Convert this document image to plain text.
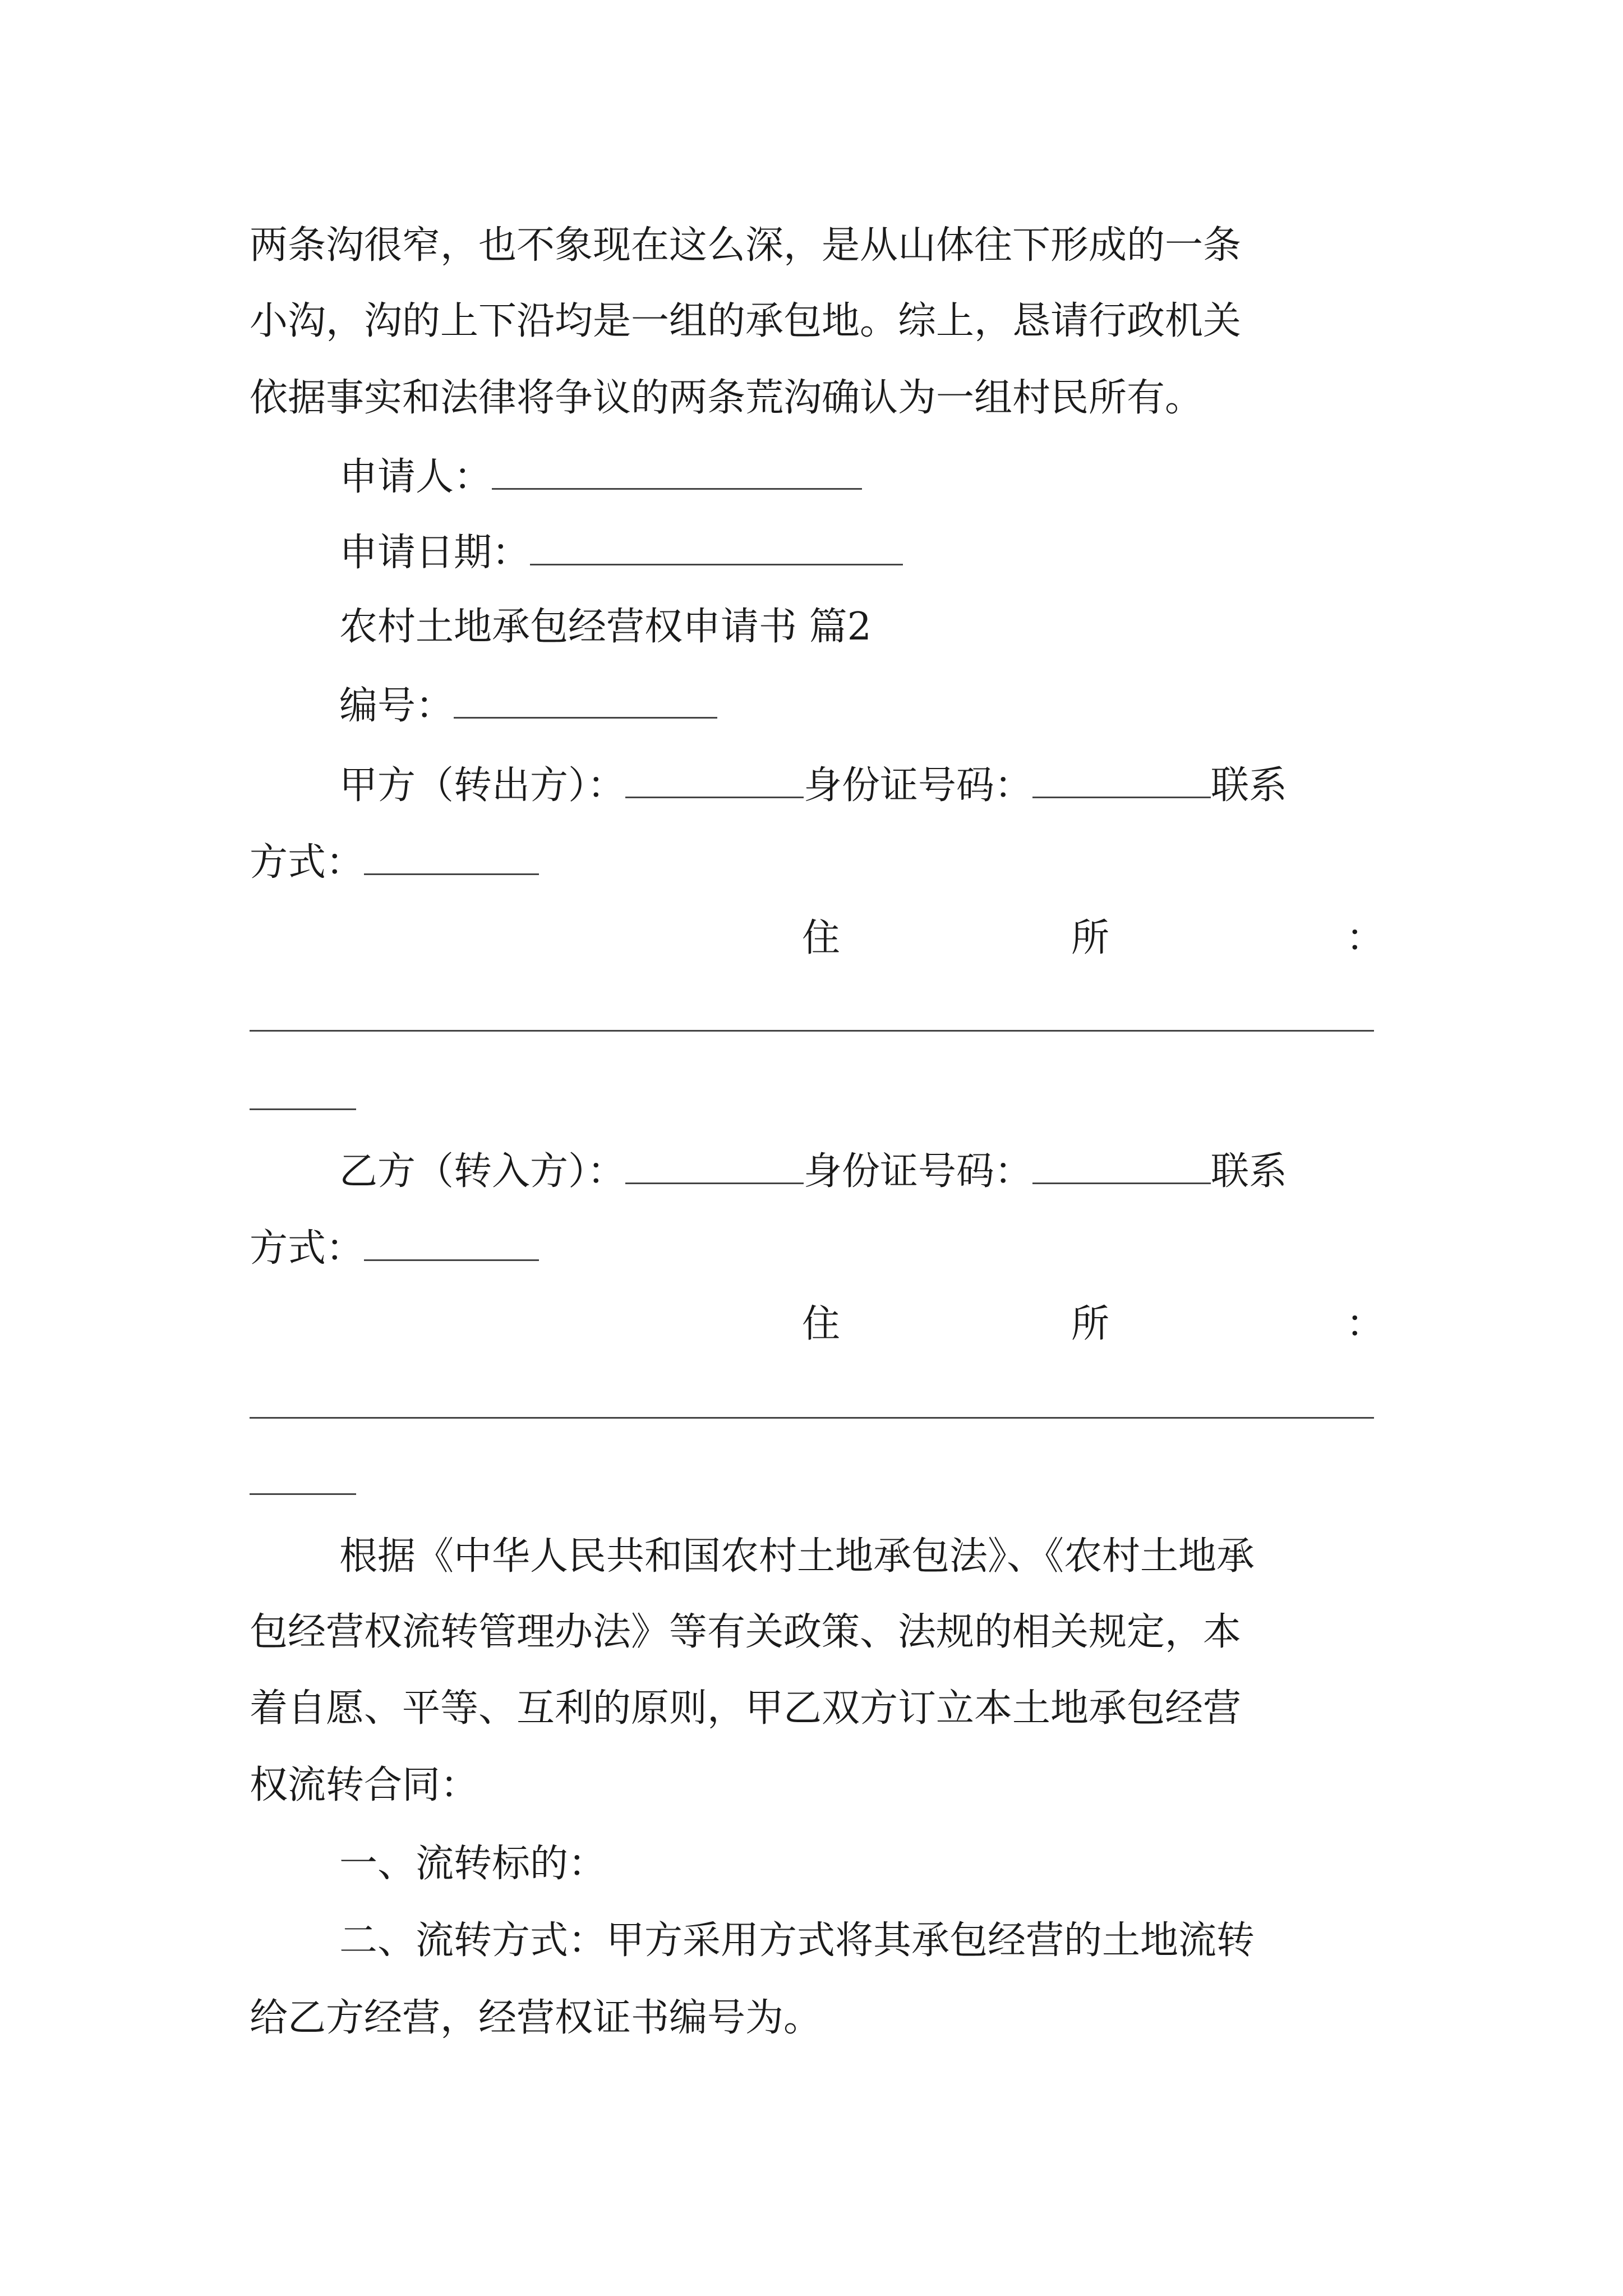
两条沟很窄，也不象现在这么深，是从山体往下形成的一条
小沟，沟的上下沿均是一组的承包地。综上，恳请行政机关
依据事实和法律将争议的两条荒沟确认为一组村民所有。
申请人：
申请日期：
农村土地承包经营权申请书 篇2
编号：
甲方（转出方）：	身份证号码：	联系
方式：
住	所	：
乙方（转入方）：	身份证号码：	联系
方式：
住	所	：
根据《中华人民共和国农村土地承包法》、《农村土地承
包经营权流转管理办法》等有关政策、法规的相关规定，本
着自愿、平等、互利的原则，甲乙双方订立本土地承包经营
权流转合同：
一、流转标的：
二、流转方式：甲方采用方式将其承包经营的土地流转
给乙方经营，经营权证书编号为。
